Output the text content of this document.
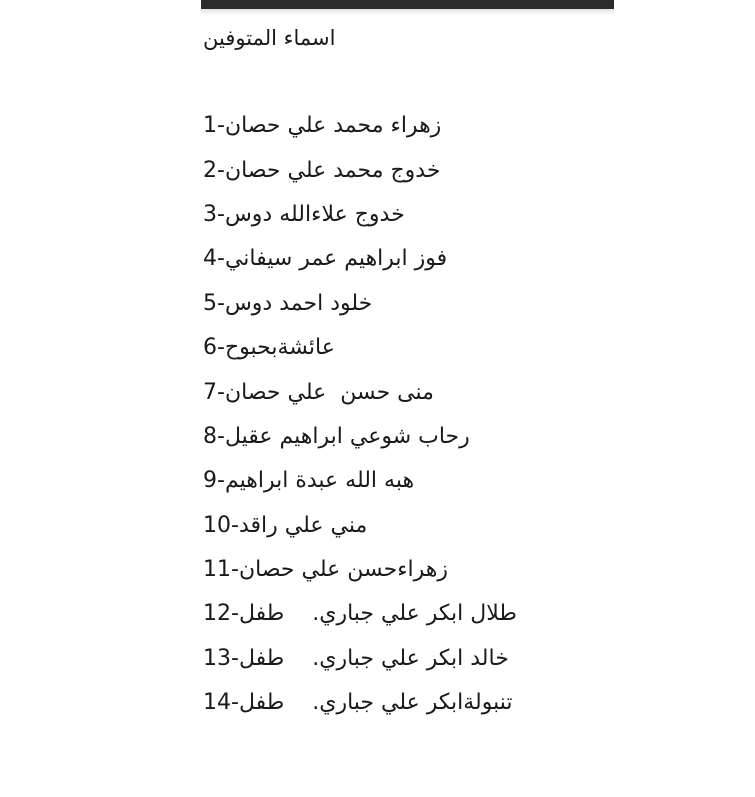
اسماء المتوفين
1 - زهراء محمد علي حصان
2 - خدوج محمد علي حصان
3 - خدوج علاءالله دوس
4 - فوز ابراهيم عمر سيفاني
5 - خلود احمد دوس
6 - عائشةبحبوح
7 - منى حسن  علي حصان
8 - رحاب شوعي ابراهيم عقيل
9 - هبه الله عبدة ابراهيم
10 - مني علي راقد
11 - زهراءحسن علي حصان
12 - طلال ابكر علي جباري.    طفل
13 - خالد ابكر علي جباري.    طفل
14 - تنبولةابكر علي جباري.    طفل
